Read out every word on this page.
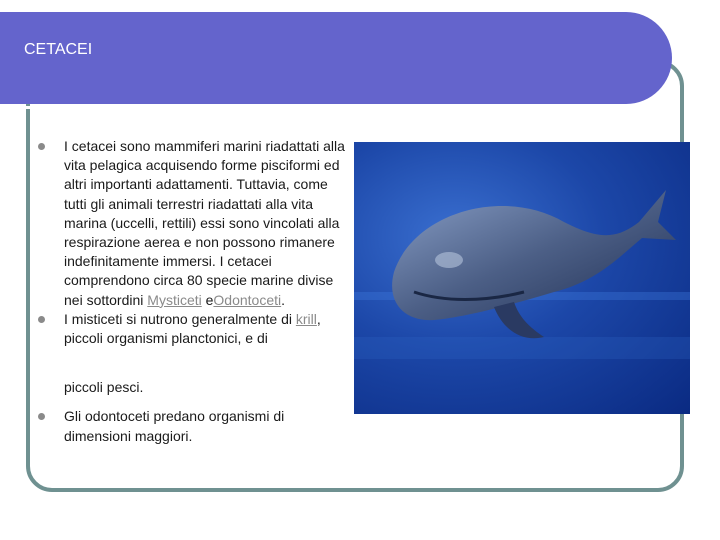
CETACEI
I cetacei sono mammiferi marini riadattati alla vita pelagica acquisendo forme pisciformi ed altri importanti adattamenti. Tuttavia, come tutti gli animali terrestri riadattati alla vita marina (uccelli, rettili) essi sono vincolati alla respirazione aerea e non possono rimanere indefinitamente immersi. I cetacei comprendono circa 80 specie marine divise nei sottordini Mysticeti eOdontoceti.
I misticeti si nutrono generalmente di krill, piccoli organismi planctonici, e di
piccoli pesci.
Gli odontoceti predano organismi di dimensioni maggiori.
